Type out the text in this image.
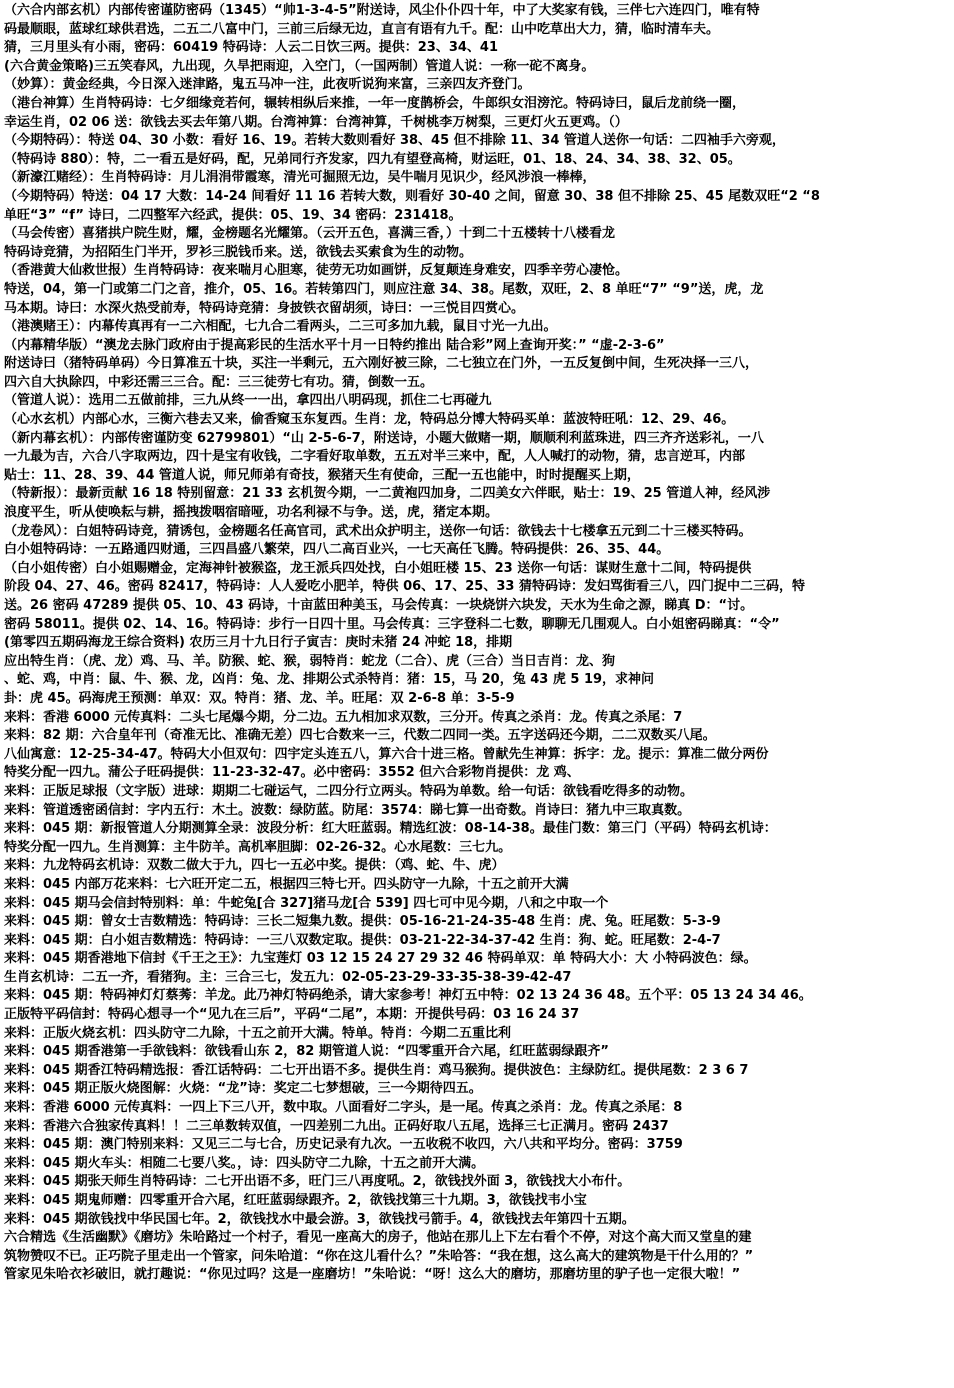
（六合内部玄机）内部传密谨防密码（1345）“帅1-3-4-5”附送诗，风尘仆仆四十年，中了大奖家有钱，三伴七六连四门，唯有特
码最顺眼，蓝球红球供君选，二五二八富中门，三前三后绿无边，直言有语有九千。配：山中吃草出大力，猜，临时清车夫。
猜，三月里头有小雨，密码：60419 特码诗：人云二日饮三两。提供：23、34、41
(六合黄金策略)三五笑春风，九出现，久旱把雨迎，入空门，（一国两制）管道人说：一称一砣不离身。
（妙算）：黄金经典，今日深入迷津路，鬼五马冲一注，此夜听说狗来富，三亲四友齐登门。
（港台神算）生肖特码诗：七夕细缘竞若何，辗转相纵后来推，一年一度鹊桥会，牛郎织女泪滂沱。特码诗曰，鼠后龙前绕一圈，
幸运生肖，02 06 送：欲钱去买去年第八期。台湾神算：台湾神算，千树桃李万树梨，三更灯火五更鸡。（）
（今期特码）：特送 04、30 小数：看好 16、19。若转大数则看好 38、45 但不排除 11、34 管道人送你一句话：二四袖手六旁观，
（特码诗 880）：特，二一看五是好码，配，兄弟同行齐发家，四九有望登高椅，财运旺，01、18、24、34、38、32、05。
（新濠江赌经）：生肖特码诗：月儿涓涓带霞寒，清光可掘照无边，吴牛喘月见识少，经风涉浪一棒棒，
（今期特码）特送：04 17 大数：14-24 间看好 11 16 若转大数，则看好 30-40 之间，留意 30、38 但不排除 25、45 尾数双旺“2 “8
单旺“3” “f” 诗曰，二四整军六经武，提供：05、19、34 密码：231418。
（马会传密）喜猪拱户院生财，耀，金榜题名光耀第。（云开五色，喜满三香，）十到二十五楼转十八楼看龙
特码诗竞猜，为招陌生门半开，罗衫三脱钱币来。送，欲钱去买索食为生的动物。
（香港黄大仙救世报）生肖特码诗：夜来喘月心胆寒，徒劳无功如画饼，反复颠连身难安，四季辛劳心凄怆。
特送，04，第一门或第二门之音，推介，05、16。若转第四门，则应注意 34、38。尾数，双旺，2、8 单旺“7” “9”送，虎，龙
马本期。诗曰：水深火热受前寿，特码诗竞猜：身披铁衣留胡须，诗曰：一三悦目四赏心。
（港澳赌王）：内幕传真再有一二六相配，七九合二看两头，二三可多加九载，鼠目寸光一九出。
（内幕精华版）“澳龙去脉门政府由于提高彩民的生活水平十月一日特约推出 陆合彩”网上查询开奖：” “虚-2-3-6”
附送诗曰（猪特码单码）今日算准五十块，买注一半剩元，五六刚好被三除，二七独立在门外，一五反复倒中间，生死决择一三八，
四六自大执除四，中彩还需三三合。配：三三徒劳七有功。猜，倒数一五。
（管道人说）：选用二五做前排，三九从终一一出，拿四出八明码现，抓住二七再碰九
（心水玄机）内部心水，三衡六巷去又来，偷香窥玉东复西。生肖：龙，特码总分博大特码买单：蓝波特旺吼：12、29、46。
（新内幕玄机）：内部传密谨防变 62799801）“山 2-5-6-7，附送诗，小题大做赌一期，顺顺利利蓝珠进，四三齐齐送彩礼，一八
一九最为吉，六合八字取两边，四十是宝有收钱，二字看好取单数，五五对半三来中，配，人人喊打的动物，猜，忠言逆耳，内部
贴士：11、28、39、44 管道人说，师兄师弟有奇技，猴猪天生有使命，三配一五也能中，时时提醒买上期，
（特新报）：最新贡献 16 18 特别留意：21 33 玄机贺今期，一二黄袍四加身，二四美女六伴眠，贴士：19、25 管道人神，经风涉
浪度平生，听从使唤耘与耕，摇拽拨咽宿暗哑，功名利禄不与争。送，虎，猪定本期。
（龙卷风）：白姐特码诗竞，猜诱包，金榜题名任高官司，武术出众护明主，送你一句话：欲钱去十七楼拿五元到二十三楼买特码。
白小姐特码诗：一五路通四财通，三四昌盛八繁荣，四八二高百业兴，一七天高任飞腾。特码提供：26、35、44。
（白小姐传密）白小姐赐赠金，定海神针被猴盗，龙王派兵四处找，白小姐旺楼 15、23 送你一句话：谋财生意十二间，特码提供
阶段 04、27、46。密码 82417，特码诗：人人爱吃小肥羊，特供 06、17、25、33 猜特码诗：发妇骂街看三八，四门捉中二三码，特
送。26 密码 47289 提供 05、10、43 码诗，十亩蓝田种美玉，马会传真：一块烧饼六块发，天水为生命之源，睇真 D：“讨。
密码 58011。提供 02、14、16。特码诗：步行一日四十里。马会传真：三字登科二七数，聊聊无几围观人。白小姐密码睇真：“令”
(第零四五期码海龙王综合资料) 农历三月十九日行子寅吉：庚时未猪 24 冲蛇 18，排期
应出特生肖：（虎、龙）鸡、马、羊。防猴、蛇、猴，弱特肖：蛇龙（二合）、虎（三合）当日吉肖：龙、狗
、蛇、鸡，中肖：鼠、牛、猴、龙，凶肖：兔、龙、排期公式杀特肖：猪：15，马 20，兔 43 虎 5 19，求神问
卦：虎 45。码海虎王预测：单双：双。特肖：猪、龙、羊。旺尾：双 2-6-8 单：3-5-9
来料：香港 6000 元传真料：二头七尾爆今期，分二边。五九相加求双数，三分开。传真之杀肖：龙。传真之杀尾：7
来料：82 期：六合皇年刊（奇准无比、准确无差）四七合数来一三，代数二四同一类。五字送码还今期，二二双数买八尾。
八仙寓意：12-25-34-47。特码大小但双句：四宇定头连五八，算六合十进三格。曾献先生神算：拆字：龙。提示：算准二做分两份
特奖分配一四九。蒲公子旺码提供：11-23-32-47。必中密码：3552 但六合彩物肖提供：龙 鸡、
来料：正版足球报（文字版）进球：期期二七碰运气，二四分行立两头。特码为单数。给一句话：欲钱看吃得多的动物。
来料：管道透密函信封：字内五行：木土。波数：绿防蓝。防尾：3574：睇七算一出奇数。肖诗曰：猪九中三取真数。
来料：045 期：新报管道人分期测算全录：波段分析：红大旺蓝弱。精选红波：08-14-38。最佳门数：第三门（平码）特码玄机诗：
特奖分配一四九。生肖测算：主牛防羊。高机率胆脚：02-26-32。心水尾数：三七九。
来料：九龙特码玄机诗：双数二做大于九，四七一五必中奖。提供：（鸡、蛇、牛、虎）
来料：045 内部万花来料：七六旺开定二五，根据四三特七开。四头防守一九除，十五之前开大满
来料：045 期马会信封特别料：单：牛蛇兔[合 327]猪马龙[合 539] 四七可中见今期，八和之中取一个
来料：045 期：曾女士吉数精选：特码诗：三长二短集九数。提供：05-16-21-24-35-48 生肖：虎、兔。旺尾数：5-3-9
来料：045 期：白小姐吉数精选：特码诗：一三八双数定取。提供：03-21-22-34-37-42 生肖：狗、蛇。旺尾数：2-4-7
来料：045 期香港地下信封《千王之王》：九宝莲灯 03 12 15 24 27 29 32 46 特码单双：单 特码大小：大 小特码波色：绿。
生肖玄机诗：二五一齐，看猪狗。主：三合三七，发五九：02-05-23-29-33-35-38-39-42-47
来料：045 期：特码神灯灯蔡莠：羊龙。此乃神灯特码绝杀，请大家参考！神灯五中特：02 13 24 36 48。五个平：05 13 24 34 46。
正版特平码信封：特码心想寻一个“见九在三后”，平码“二尾”，本期：开提供号码：03 16 24 37
来料：正版火烧玄机：四头防守二九除，十五之前开大满。特单。特肖：今期二五重比利
来料：045 期香港第一手欲钱料：欲钱看山东 2，82 期管道人说：“四零重开合六尾，红旺蓝弱绿跟齐”
来料：045 期香江特码精选报：香江话特码：二七开出语不多。提供生肖：鸡马猴狗。提供波色：主绿防红。提供尾数：2 3 6 7
来料：045 期正版火烧图解：火烧：“龙”诗：奖定二七梦想破，三一今期待四五。
来料：香港 6000 元传真料：一四上下三八开，数中取。八面看好二字头，是一尾。传真之杀肖：龙。传真之杀尾：8
来料：香港六合独家传真料！！二三单数转双值，一四差别二九出。正码好取八五尾，选择三七正满月。密码 2437
来料：045 期：澳门特别来料：又见三二与七合，历史记录有九次。一五收税不收四，六八共和平均分。密码：3759
来料：045 期火车头：相随二七要八奖。，诗：四头防守二九除，十五之前开大满。
来料：045 期张天师生肖特码诗：二七开出语不多，旺门三八再度吼。2，欲钱找外面 3，欲钱找大小布什。
来料：045 期鬼师赠：四零重开合六尾，红旺蓝弱绿跟齐。2，欲钱找第三十九期。3，欲钱找韦小宝
来料：045 期欲钱找中华民国七年。2，欲钱找水中最会游。3，欲钱找弓箭手。4，欲钱找去年第四十五期。
六合精选《生活幽默》《磨坊》朱哈路过一个村子，看见一座高大的房子，他站在那儿上下左右看个不停，对这个高大而又堂皇的建
筑物赞叹不已。正巧院子里走出一个管家，问朱哈道：“你在这儿看什么？”朱哈答：“我在想，这么高大的建筑物是干什么用的？”
管家见朱哈衣衫破旧，就打趣说：“你见过吗？这是一座磨坊！”朱哈说：“呀！这么大的磨坊，那磨坊里的驴子也一定很大啦！”
